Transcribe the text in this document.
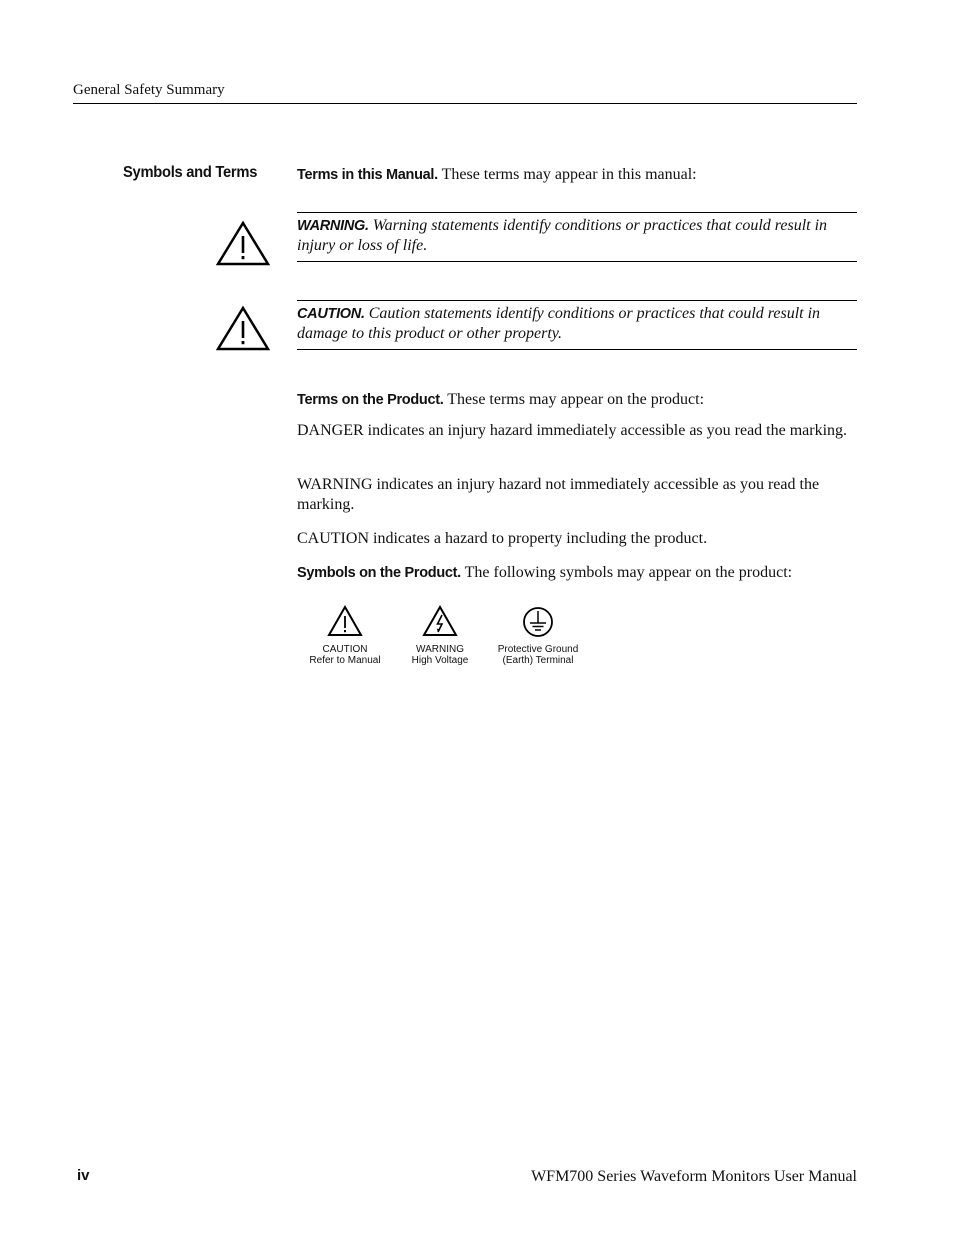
General Safety Summary
Symbols and Terms	Terms in this Manual. These terms may appear in this manual:
WARNING. Warning statements identify conditions or practices that could result in injury or loss of life.
CAUTION. Caution statements identify conditions or practices that could result in damage to this product or other property.
Terms on the Product. These terms may appear on the product:
DANGER indicates an injury hazard immediately accessible as you read the marking.
WARNING indicates an injury hazard not immediately accessible as you read the marking.
CAUTION indicates a hazard to property including the product.
Symbols on the Product. The following symbols may appear on the product:
CAUTION
Refer to Manual
WARNING
High Voltage
Protective Ground
(Earth) Terminal
iv	WFM700 Series Waveform Monitors User Manual
